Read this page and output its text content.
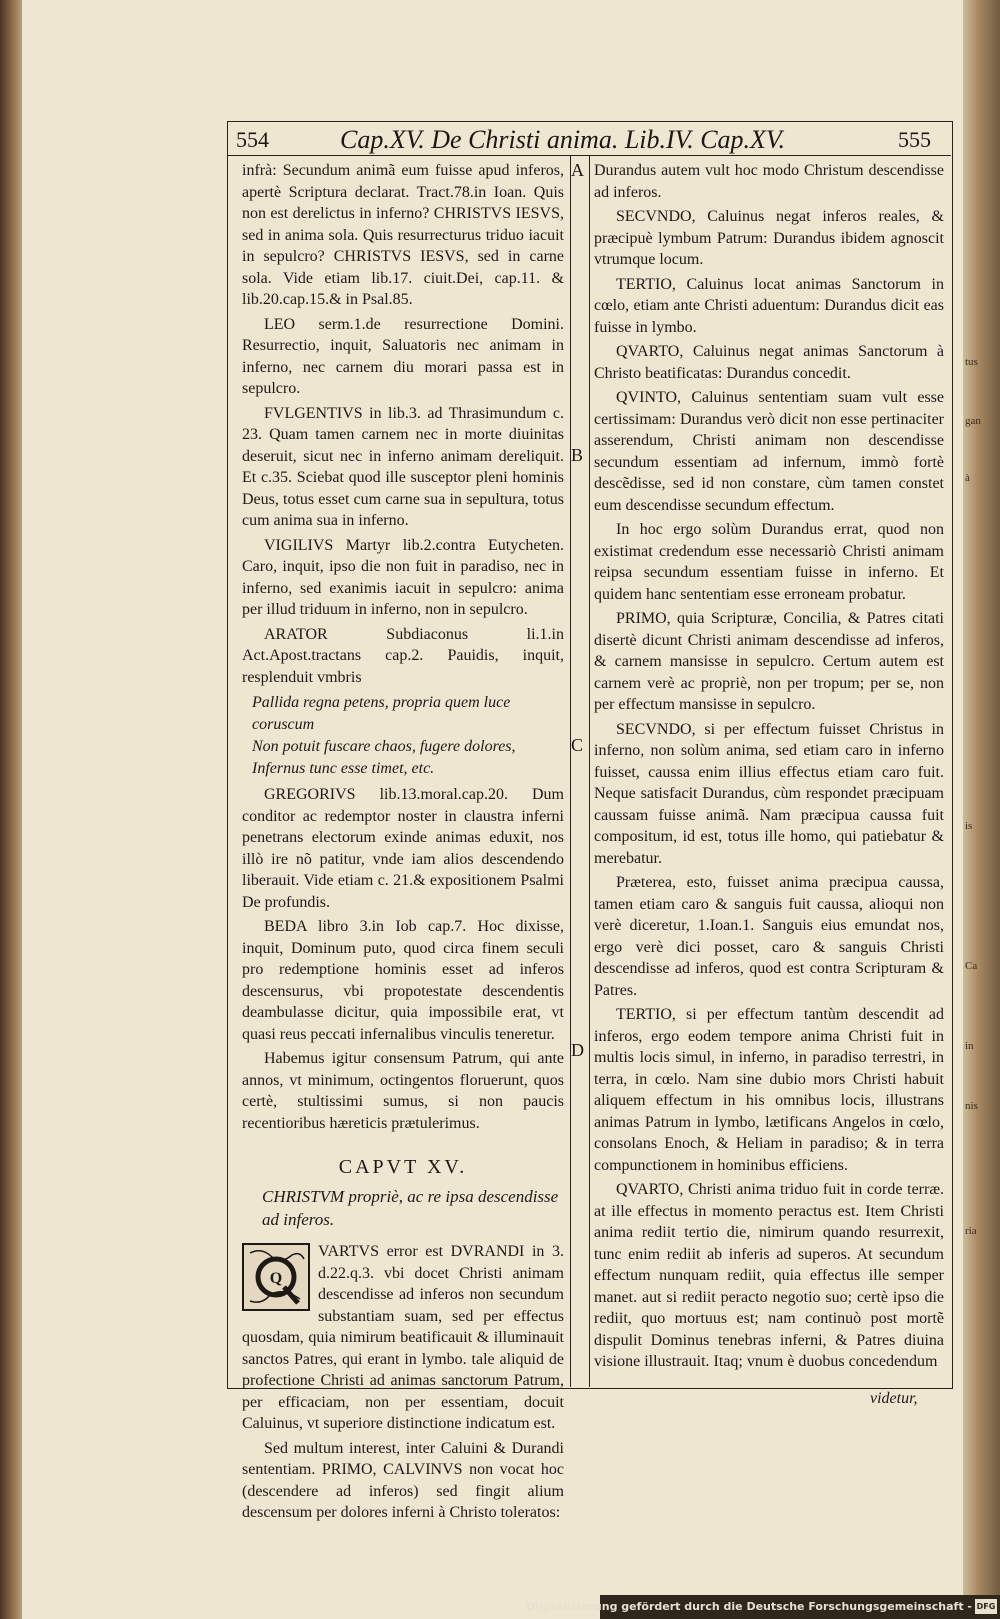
tus
gan
à
is
Ca
in
nis
ria
554	Cap.XV. De Christi anima. Lib.IV. Cap.XV.	555
A
B
C
D

infrà: Secundum animã eum fuisse apud inferos, apertè Scriptura declarat. Tract.78.in Ioan. Quis non est derelictus in inferno? CHRISTVS IESVS, sed in anima sola. Quis resurrecturus triduo iacuit in sepulcro? CHRISTVS IESVS, sed in carne sola. Vide etiam lib.17. ciuit.Dei, cap.11. & lib.20.cap.15.& in Psal.85.

LEO serm.1.de resurrectione Domini. Resurrectio, inquit, Saluatoris nec animam in inferno, nec carnem diu morari passa est in sepulcro.

FVLGENTIVS in lib.3. ad Thrasimundum c. 23. Quam tamen carnem nec in morte diuinitas deseruit, sicut nec in inferno animam dereliquit. Et c.35. Sciebat quod ille susceptor pleni hominis Deus, totus esset cum carne sua in sepultura, totus cum anima sua in inferno.

VIGILIVS Martyr lib.2.contra Eutycheten. Caro, inquit, ipso die non fuit in paradiso, nec in inferno, sed exanimis iacuit in sepulcro: anima per illud triduum in inferno, non in sepulcro.

ARATOR Subdiaconus li.1.in Act.Apost.tractans cap.2. Pauidis, inquit, resplenduit vmbris

Pallida regna petens, propria quem luce coruscum
Non potuit fuscare chaos, fugere dolores,
Infernus tunc esse timet, etc.

GREGORIVS lib.13.moral.cap.20. Dum conditor ac redemptor noster in claustra inferni penetrans electorum exinde animas eduxit, nos illò ire nõ patitur, vnde iam alios descendendo liberauit. Vide etiam c. 21.& expositionem Psalmi De profundis.

BEDA libro 3.in Iob cap.7. Hoc dixisse, inquit, Dominum puto, quod circa finem seculi pro redemptione hominis esset ad inferos descensurus, vbi propotestate descendentis deambulasse dicitur, quia impossibile erat, vt quasi reus peccati infernalibus vinculis teneretur.

Habemus igitur consensum Patrum, qui ante annos, vt minimum, octingentos floruerunt, quos certè, stultissimi sumus, si non paucis recentioribus hæreticis prætulerimus.

CAPVT XV.
CHRISTVM propriè, ac re ipsa descendisse ad inferos.
Q

VARTVS error est DVRANDI in 3. d.22.q.3. vbi docet Christi animam descendisse ad inferos non secundum substantiam suam, sed per effectus quosdam, quia nimirum beatificauit & illuminauit sanctos Patres, qui erant in lymbo. tale aliquid de profectione Christi ad animas sanctorum Patrum, per efficaciam, non per essentiam, docuit Caluinus, vt superiore distinctione indicatum est.

Sed multum interest, inter Caluini & Durandi sententiam. PRIMO, CALVINVS non vocat hoc (descendere ad inferos) sed fingit alium descensum per dolores inferni à Christo toleratos:

Durandus autem vult hoc modo Christum descendisse ad inferos.

SECVNDO, Caluinus negat inferos reales, & præcipuè lymbum Patrum: Durandus ibidem agnoscit vtrumque locum.

TERTIO, Caluinus locat animas Sanctorum in cœlo, etiam ante Christi aduentum: Durandus dicit eas fuisse in lymbo.

QVARTO, Caluinus negat animas Sanctorum à Christo beatificatas: Durandus concedit.

QVINTO, Caluinus sententiam suam vult esse certissimam: Durandus verò dicit non esse pertinaciter asserendum, Christi animam non descendisse secundum essentiam ad infernum, immò fortè descẽdisse, sed id non constare, cùm tamen constet eum descendisse secundum effectum.

In hoc ergo solùm Durandus errat, quod non existimat credendum esse necessariò Christi animam reipsa secundum essentiam fuisse in inferno. Et quidem hanc sententiam esse erroneam probatur.

PRIMO, quia Scripturæ, Concilia, & Patres citati disertè dicunt Christi animam descendisse ad inferos, & carnem mansisse in sepulcro. Certum autem est carnem verè ac propriè, non per tropum; per se, non per effectum mansisse in sepulcro.

SECVNDO, si per effectum fuisset Christus in inferno, non solùm anima, sed etiam caro in inferno fuisset, caussa enim illius effectus etiam caro fuit. Neque satisfacit Durandus, cùm respondet præcipuam caussam fuisse animã. Nam præcipua caussa fuit compositum, id est, totus ille homo, qui patiebatur & merebatur.

Præterea, esto, fuisset anima præcipua caussa, tamen etiam caro & sanguis fuit caussa, alioqui non verè diceretur, 1.Ioan.1. Sanguis eius emundat nos, ergo verè dici posset, caro & sanguis Christi descendisse ad inferos, quod est contra Scripturam & Patres.

TERTIO, si per effectum tantùm descendit ad inferos, ergo eodem tempore anima Christi fuit in multis locis simul, in inferno, in paradiso terrestri, in terra, in cœlo. Nam sine dubio mors Christi habuit aliquem effectum in his omnibus locis, illustrans animas Patrum in lymbo, lætificans Angelos in cœlo, consolans Enoch, & Heliam in paradiso; & in terra compunctionem in hominibus efficiens.

QVARTO, Christi anima triduo fuit in corde terræ. at ille effectus in momento peractus est. Item Christi anima rediit tertio die, nimirum quando resurrexit, tunc enim rediit ab inferis ad superos. At secundum effectum nunquam rediit, quia effectus ille semper manet. aut si rediit peracto negotio suo; certè ipso die rediit, quo mortuus est; nam continuò post mortẽ dispulit Dominus tenebras inferni, & Patres diuina visione illustrauit. Itaq; vnum è duobus concedendum

videtur,
Digitalisierung gefördert durch die Deutsche Forschungsgemeinschaft - DFG
